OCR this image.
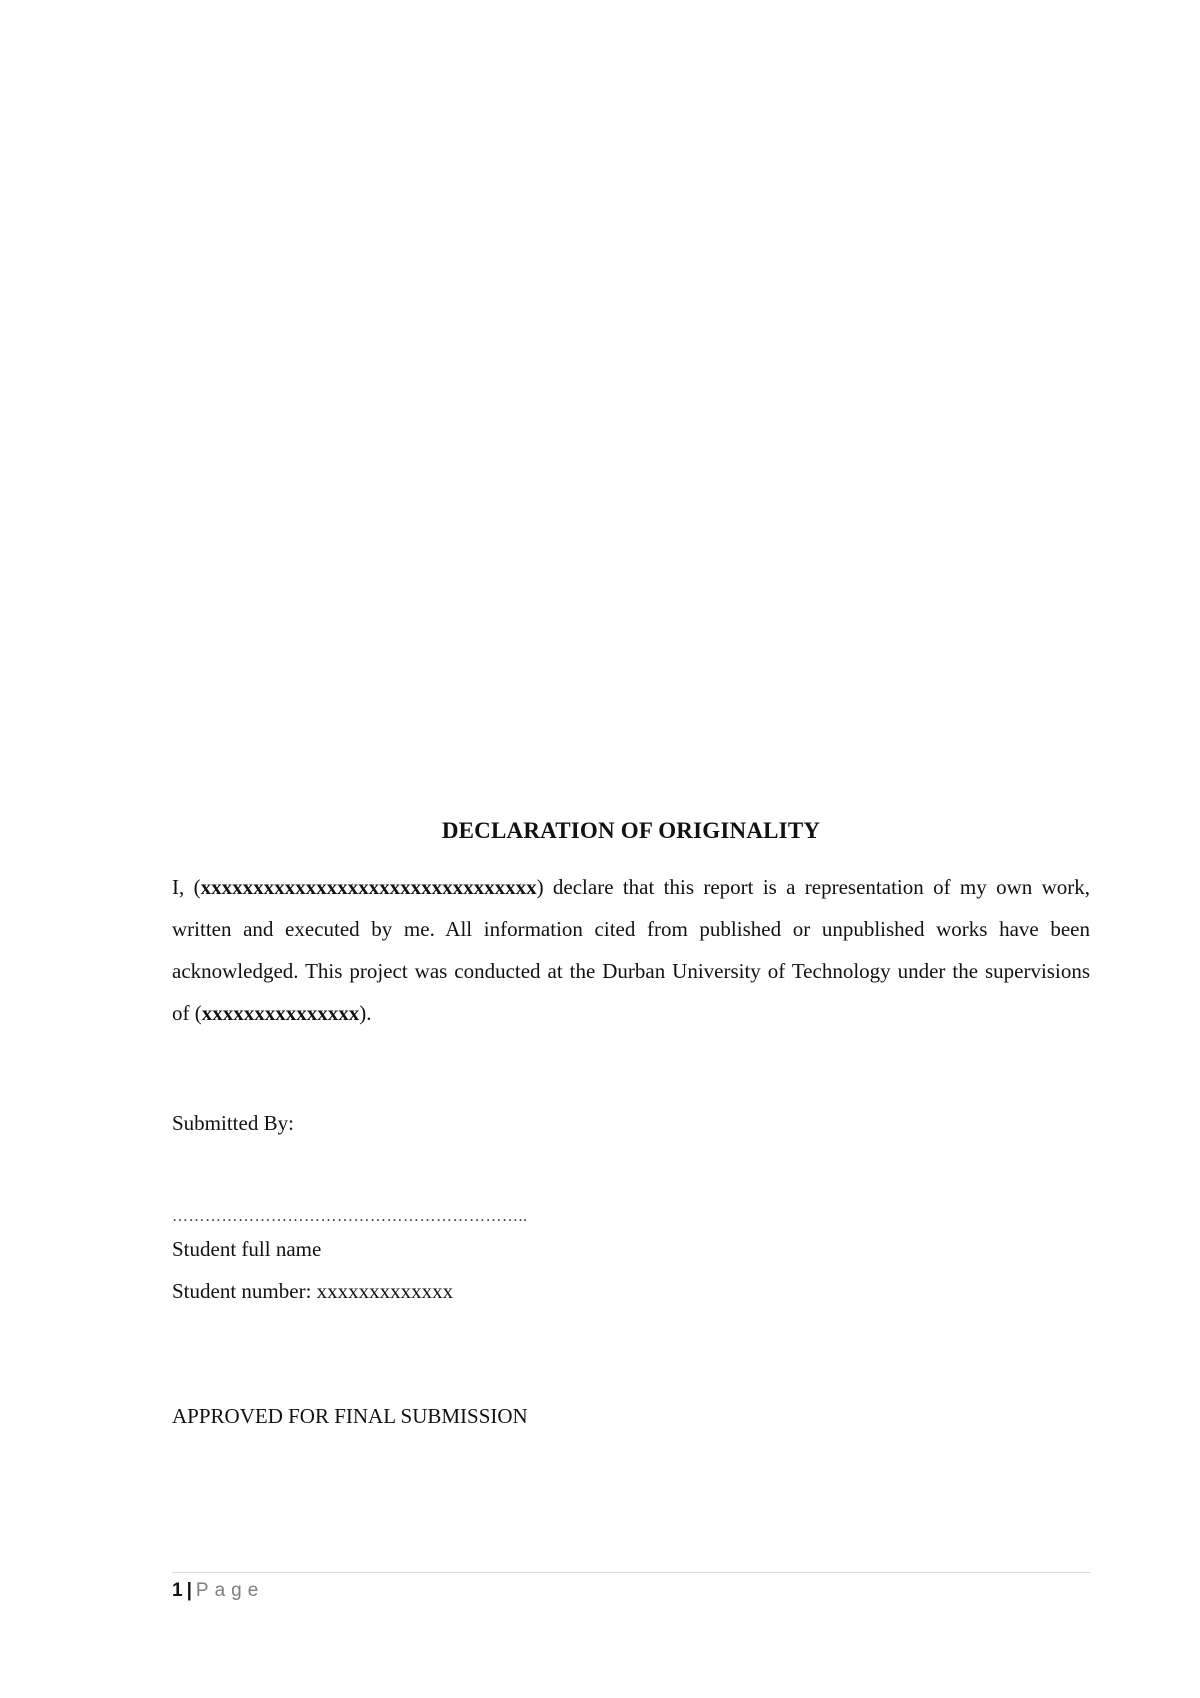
DECLARATION OF ORIGINALITY

I, (xxxxxxxxxxxxxxxxxxxxxxxxxxxxxxxx) declare that this report is a representation of my own work, written and executed by me. All information cited from published or unpublished works have been acknowledged. This project was conducted at the Durban University of Technology under the supervisions of (xxxxxxxxxxxxxxx).

Submitted By:
………………………………………………………..
Student full name
Student number: xxxxxxxxxxxxx
APPROVED FOR FINAL SUBMISSION
1 | Page
